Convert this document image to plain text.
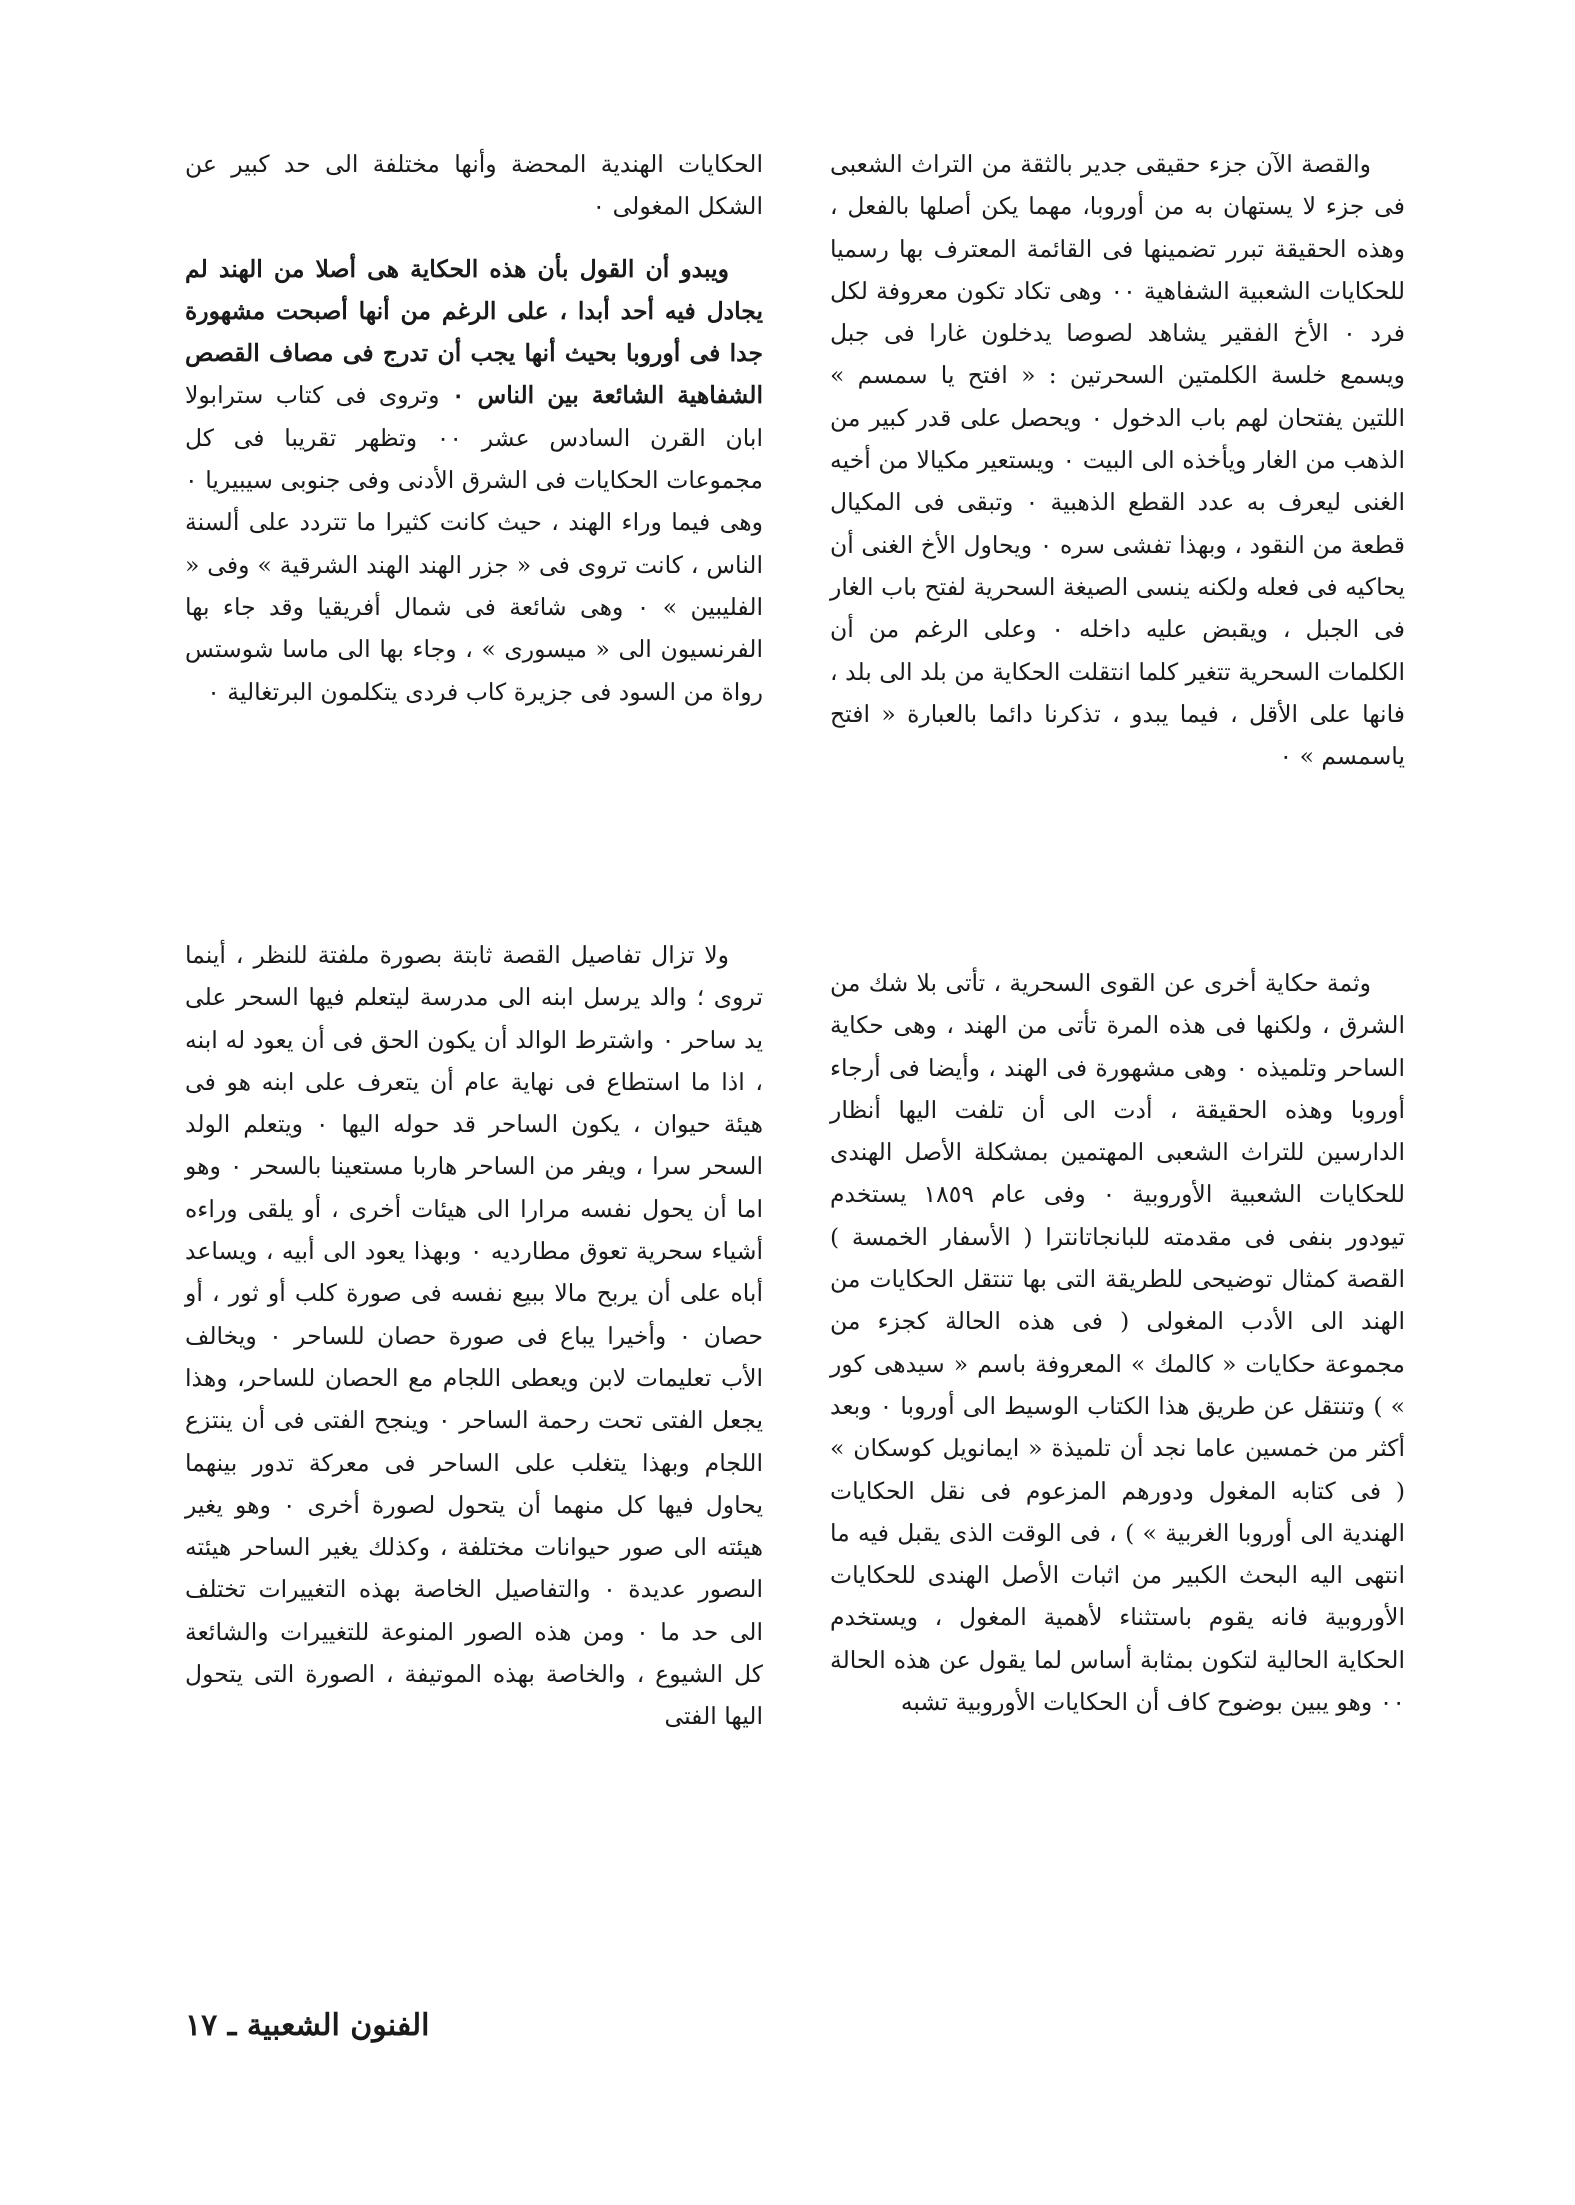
والقصة الآن جزء حقيقى جدير بالثقة من التراث الشعبى فى جزء لا يستهان به من أوروبا، مهما يكن أصلها بالفعل ، وهذه الحقيقة تبرر تضمينها فى القائمة المعترف بها رسميا للحكايات الشعبية الشفاهية ٠٠ وهى تكاد تكون معروفة لكل فرد ٠ الأخ الفقير يشاهد لصوصا يدخلون غارا فى جبل ويسمع خلسة الكلمتين السحرتين : « افتح يا سمسم » اللتين يفتحان لهم باب الدخول ٠ ويحصل على قدر كبير من الذهب من الغار ويأخذه الى البيت ٠ ويستعير مكيالا من أخيه الغنى ليعرف به عدد القطع الذهبية ٠ وتبقى فى المكيال قطعة من النقود ، وبهذا تفشى سره ٠ ويحاول الأخ الغنى أن يحاكيه فى فعله ولكنه ينسى الصيغة السحرية لفتح باب الغار فى الجبل ، ويقبض عليه داخله ٠ وعلى الرغم من أن الكلمات السحرية تتغير كلما انتقلت الحكاية من بلد الى بلد ، فانها على الأقل ، فيما يبدو ، تذكرنا دائما بالعبارة « افتح ياسمسم » ٠

وثمة حكاية أخرى عن القوى السحرية ، تأتى بلا شك من الشرق ، ولكنها فى هذه المرة تأتى من الهند ، وهى حكاية الساحر وتلميذه ٠ وهى مشهورة فى الهند ، وأيضا فى أرجاء أوروبا وهذه الحقيقة ، أدت الى أن تلفت اليها أنظار الدارسين للتراث الشعبى المهتمين بمشكلة الأصل الهندى للحكايات الشعبية الأوروبية ٠ وفى عام ١٨٥٩ يستخدم تيودور بنفى فى مقدمته للبانجاتانترا ( الأسفار الخمسة ) القصة كمثال توضيحى للطريقة التى بها تنتقل الحكايات من الهند الى الأدب المغولى ( فى هذه الحالة كجزء من مجموعة حكايات « كالمك » المعروفة باسم « سيدهى كور » ) وتنتقل عن طريق هذا الكتاب الوسيط الى أوروبا ٠ وبعد أكثر من خمسين عاما نجد أن تلميذة « ايمانويل كوسكان » ( فى كتابه المغول ودورهم المزعوم فى نقل الحكايات الهندية الى أوروبا الغربية » ) ، فى الوقت الذى يقبل فيه ما انتهى اليه البحث الكبير من اثبات الأصل الهندى للحكايات الأوروبية فانه يقوم باستثناء لأهمية المغول ، ويستخدم الحكاية الحالية لتكون بمثابة أساس لما يقول عن هذه الحالة ٠٠ وهو يبين بوضوح كاف أن الحكايات الأوروبية تشبه

الحكايات الهندية المحضة وأنها مختلفة الى حد كبير عن الشكل المغولى ٠

ويبدو أن القول بأن هذه الحكاية هى أصلا من الهند لم يجادل فيه أحد أبدا ، على الرغم من أنها أصبحت مشهورة جدا فى أوروبا بحيث أنها يجب أن تدرج فى مصاف القصص الشفاهية الشائعة بين الناس ٠ وتروى فى كتاب سترابولا ابان القرن السادس عشر ٠٠ وتظهر تقريبا فى كل مجموعات الحكايات فى الشرق الأدنى وفى جنوبى سيبيريا ٠ وهى فيما وراء الهند ، حيث كانت كثيرا ما تتردد على ألسنة الناس ، كانت تروى فى « جزر الهند الهند الشرقية » وفى « الفليبين » ٠ وهى شائعة فى شمال أفريقيا وقد جاء بها الفرنسيون الى « ميسورى » ، وجاء بها الى ماسا شوستس رواة من السود فى جزيرة كاب فردى يتكلمون البرتغالية ٠

ولا تزال تفاصيل القصة ثابتة بصورة ملفتة للنظر ، أينما تروى ؛ والد يرسل ابنه الى مدرسة ليتعلم فيها السحر على يد ساحر ٠ واشترط الوالد أن يكون الحق فى أن يعود له ابنه ، اذا ما استطاع فى نهاية عام أن يتعرف على ابنه هو فى هيئة حيوان ، يكون الساحر قد حوله اليها ٠ ويتعلم الولد السحر سرا ، ويفر من الساحر هاربا مستعينا بالسحر ٠ وهو اما أن يحول نفسه مرارا الى هيئات أخرى ، أو يلقى وراءه أشياء سحرية تعوق مطارديه ٠ وبهذا يعود الى أبيه ، ويساعد أباه على أن يربح مالا ببيع نفسه فى صورة كلب أو ثور ، أو حصان ٠ وأخيرا يباع فى صورة حصان للساحر ٠ ويخالف الأب تعليمات لابن ويعطى اللجام مع الحصان للساحر، وهذا يجعل الفتى تحت رحمة الساحر ٠ وينجح الفتى فى أن ينتزع اللجام وبهذا يتغلب على الساحر فى معركة تدور بينهما يحاول فيها كل منهما أن يتحول لصورة أخرى ٠ وهو يغير هيئته الى صور حيوانات مختلفة ، وكذلك يغير الساحر هيئته الىصور عديدة ٠ والتفاصيل الخاصة بهذه التغييرات تختلف الى حد ما ٠ ومن هذه الصور المنوعة للتغييرات والشائعة كل الشيوع ، والخاصة بهذه الموتيفة ، الصورة التى يتحول اليها الفتى

الفنون الشعبية ـ ١٧
